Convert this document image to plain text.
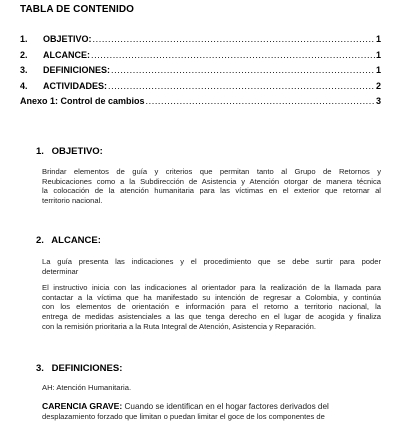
TABLA DE CONTENIDO
1.	OBJETIVO: .....	1
2.	ALCANCE: .....	1
3.	DEFINICIONES: .....	1
4.	ACTIVIDADES: .....	2
Anexo 1: Control de cambios .....	3
1. OBJETIVO:
Brindar elementos de guía y criterios que permitan tanto al Grupo de Retornos y
Reubicaciones como a la Subdirección de Asistencia y Atención otorgar de manera técnica
la colocación de la atención humanitaria para las víctimas en el exterior que retornar al
territorio nacional.
2. ALCANCE:
La guía presenta las indicaciones y el procedimiento que se debe surtir para poder
determinar
El instructivo inicia con las indicaciones al orientador para la realización de la llamada para
contactar a la víctima que ha manifestado su intención de regresar a Colombia, y continúa
con los elementos de orientación e información para el retorno a territorio nacional, la
entrega de medidas asistenciales a las que tenga derecho en el lugar de acogida y finaliza
con la remisión prioritaria a la Ruta Integral de Atención, Asistencia y Reparación.
3. DEFINICIONES:
AH: Atención Humanitaria.
CARENCIA GRAVE: Cuando se identifican en el hogar factores derivados del
desplazamiento forzado que limitan o puedan limitar el goce de los componentes de
